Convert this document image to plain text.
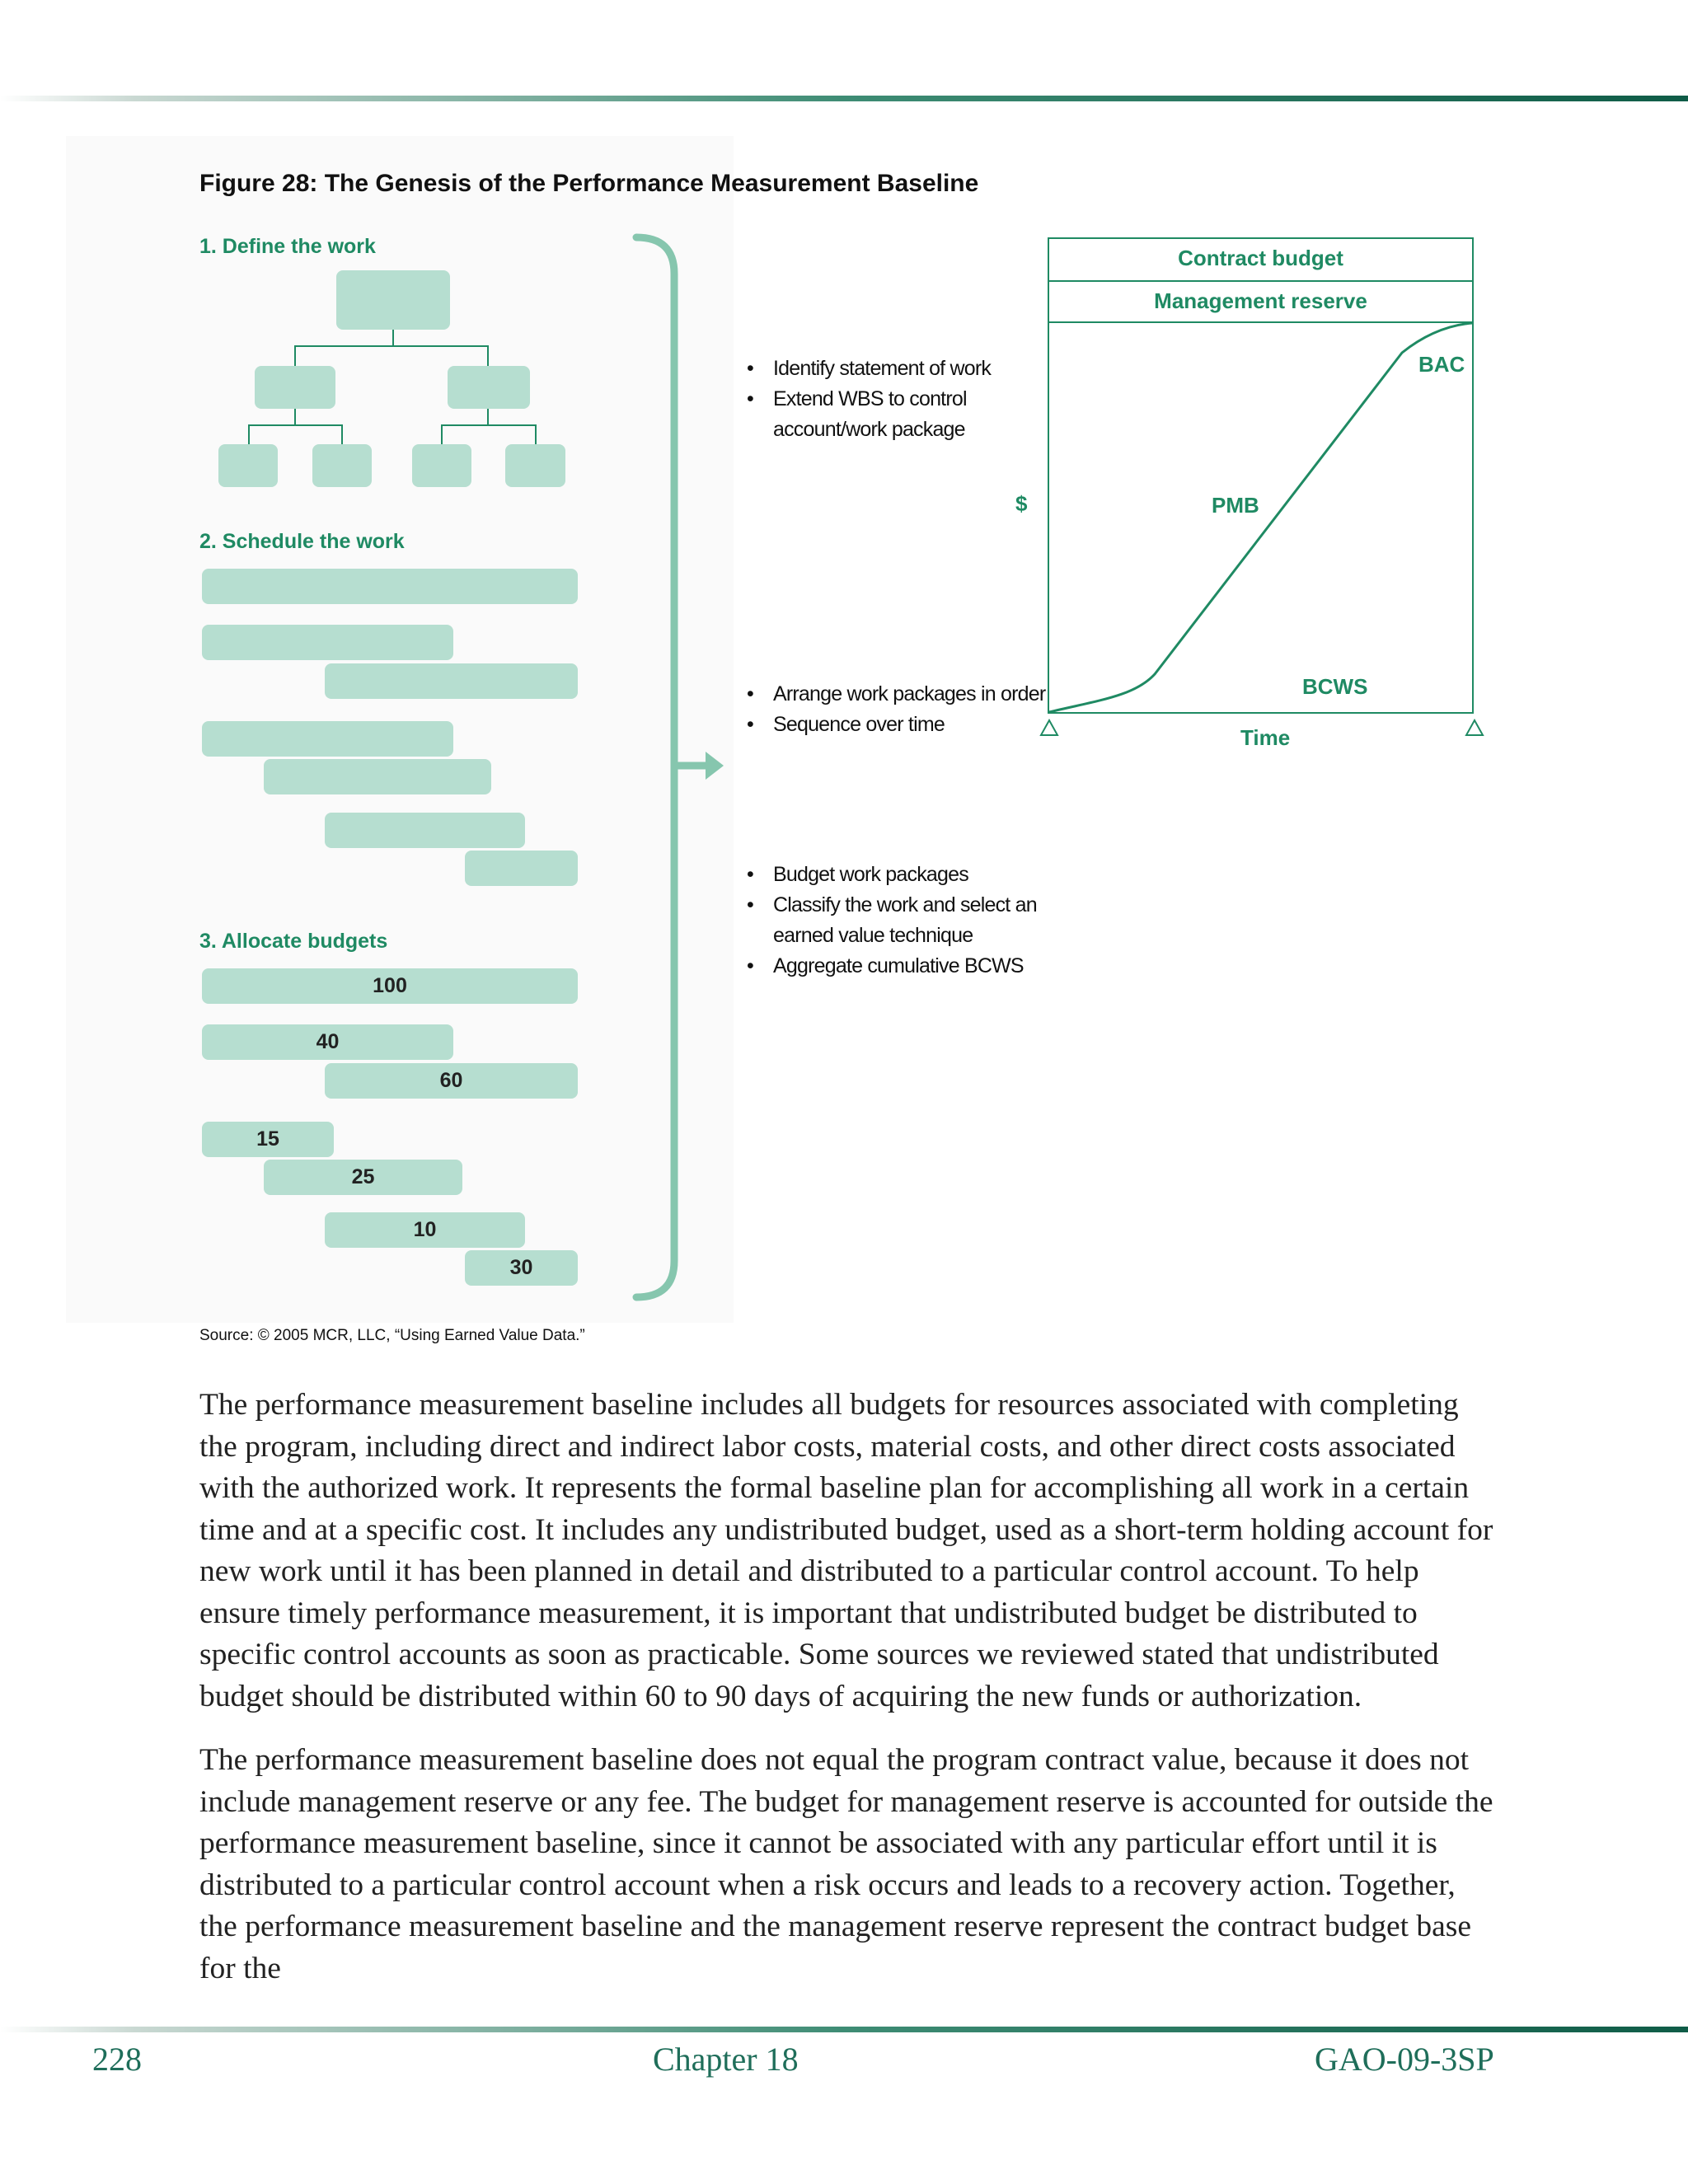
Figure 28: The Genesis of the Performance Measurement Baseline
1. Define the work
2. Schedule the work
3. Allocate budgets
100
40
60
15
25
10
30
• Identify statement of work
• Extend WBS to control account/work package
• Arrange work packages in order
• Sequence over time
• Budget work packages
• Classify the work and select an earned value technique
• Aggregate cumulative BCWS
Contract budget
Management reserve
BAC
PMB
BCWS
$
Time
Source: © 2005 MCR, LLC, “Using Earned Value Data.”

The performance measurement baseline includes all budgets for resources associated with completing the program, including direct and indirect labor costs, material costs, and other direct costs associated with the authorized work. It represents the formal baseline plan for accomplishing all work in a certain time and at a specific cost. It includes any undistributed budget, used as a short-term holding account for new work until it has been planned in detail and distributed to a particular control account. To help ensure timely performance measurement, it is important that undistributed budget be distributed to specific control accounts as soon as practicable. Some sources we reviewed stated that undistributed budget should be distributed within 60 to 90 days of acquiring the new funds or authorization.

The performance measurement baseline does not equal the program contract value, because it does not include management reserve or any fee. The budget for management reserve is accounted for outside the performance measurement baseline, since it cannot be associated with any particular effort until it is distributed to a particular control account when a risk occurs and leads to a recovery action. Together, the performance measurement baseline and the management reserve represent the contract budget base for the

228	Chapter 18	GAO-09-3SP
